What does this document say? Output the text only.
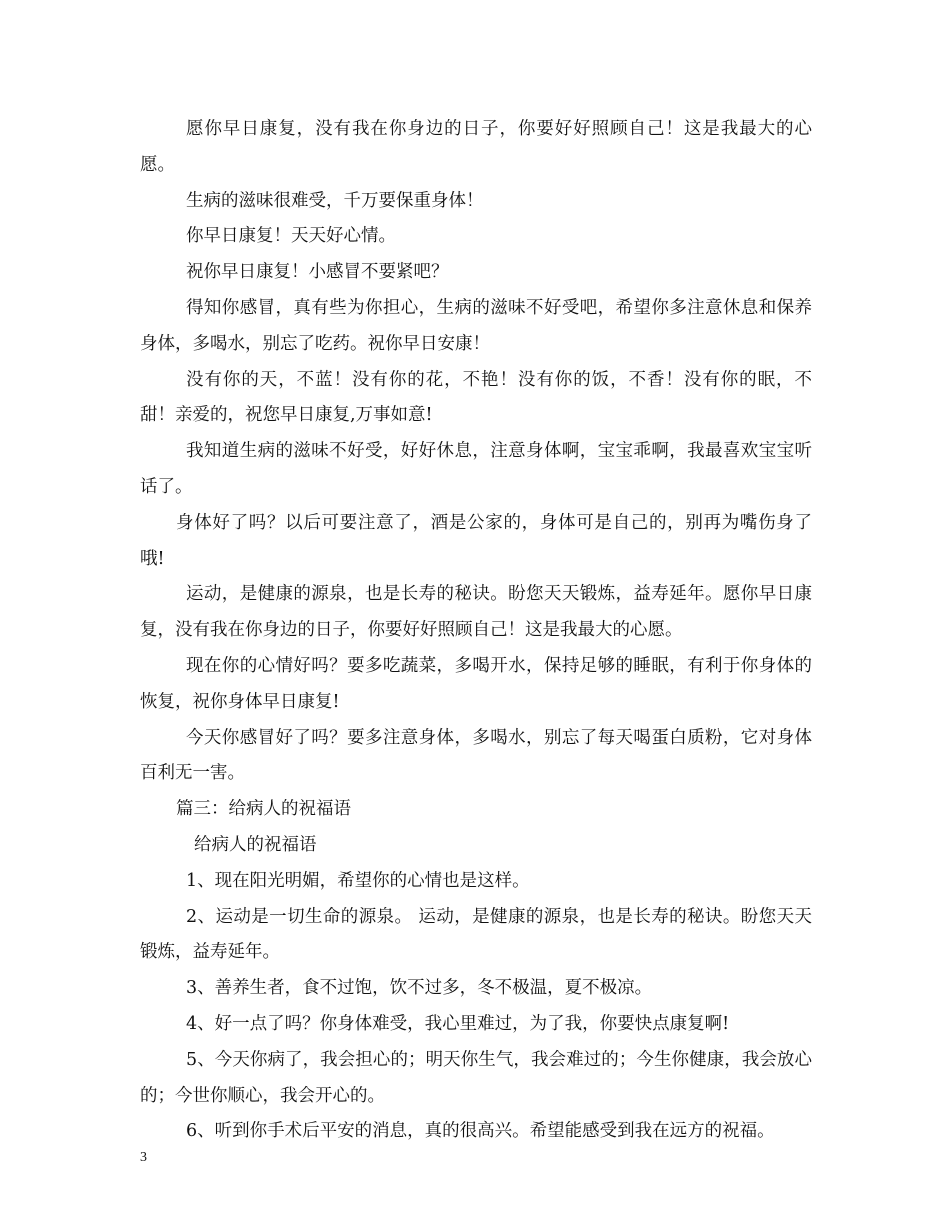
愿你早日康复，没有我在你身边的日子，你要好好照顾自己！这是我最大的心愿。

生病的滋味很难受，千万要保重身体！

你早日康复！天天好心情。

祝你早日康复！小感冒不要紧吧？

得知你感冒，真有些为你担心，生病的滋味不好受吧，希望你多注意休息和保养身体，多喝水，别忘了吃药。祝你早日安康！

没有你的天，不蓝！没有你的花，不艳！没有你的饭，不香！没有你的眠，不甜！亲爱的，祝您早日康复,万事如意!

我知道生病的滋味不好受，好好休息，注意身体啊，宝宝乖啊，我最喜欢宝宝听话了。

身体好了吗？以后可要注意了，酒是公家的，身体可是自己的，别再为嘴伤身了哦!

运动，是健康的源泉，也是长寿的秘诀。盼您天天锻炼，益寿延年。愿你早日康复，没有我在你身边的日子，你要好好照顾自己！这是我最大的心愿。

现在你的心情好吗？要多吃蔬菜，多喝开水，保持足够的睡眠，有利于你身体的恢复，祝你身体早日康复!

今天你感冒好了吗？要多注意身体，多喝水，别忘了每天喝蛋白质粉，它对身体百利无一害。

篇三：给病人的祝福语

给病人的祝福语

1、现在阳光明媚，希望你的心情也是这样。

2、运动是一切生命的源泉。 运动，是健康的源泉，也是长寿的秘诀。盼您天天锻炼，益寿延年。

3、善养生者，食不过饱，饮不过多，冬不极温，夏不极凉。

4、好一点了吗？你身体难受，我心里难过，为了我，你要快点康复啊!

5、今天你病了，我会担心的；明天你生气，我会难过的；今生你健康，我会放心的；今世你顺心，我会开心的。

6、听到你手术后平安的消息，真的很高兴。希望能感受到我在远方的祝福。

3
